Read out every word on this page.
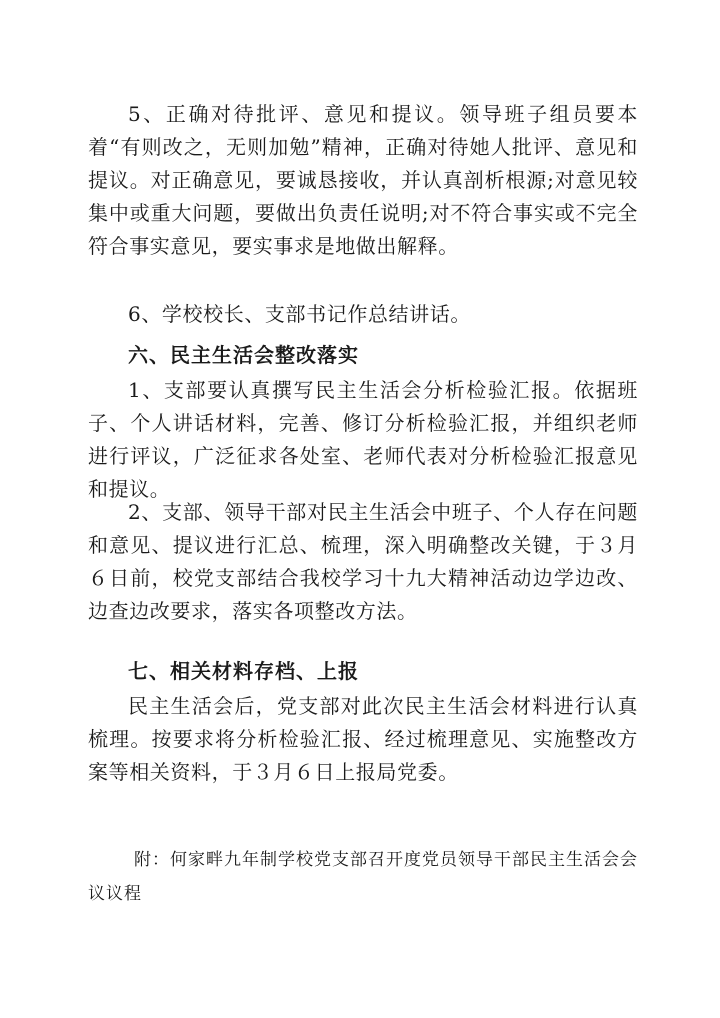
5、正确对待批评、意见和提议。领导班子组员要本着“有则改之，无则加勉”精神，正确对待她人批评、意见和提议。对正确意见，要诚恳接收，并认真剖析根源;对意见较集中或重大问题，要做出负责任说明;对不符合事实或不完全符合事实意见，要实事求是地做出解释。

6、学校校长、支部书记作总结讲话。

六、民主生活会整改落实

1、支部要认真撰写民主生活会分析检验汇报。依据班子、个人讲话材料，完善、修订分析检验汇报，并组织老师进行评议，广泛征求各处室、老师代表对分析检验汇报意见和提议。

2、支部、领导干部对民主生活会中班子、个人存在问题和意见、提议进行汇总、梳理，深入明确整改关键，于３月６日前，校党支部结合我校学习十九大精神活动边学边改、边查边改要求，落实各项整改方法。

七、相关材料存档、上报

民主生活会后，党支部对此次民主生活会材料进行认真梳理。按要求将分析检验汇报、经过梳理意见、实施整改方案等相关资料，于３月６日上报局党委。

附：何家畔九年制学校党支部召开度党员领导干部民主生活会会议议程
